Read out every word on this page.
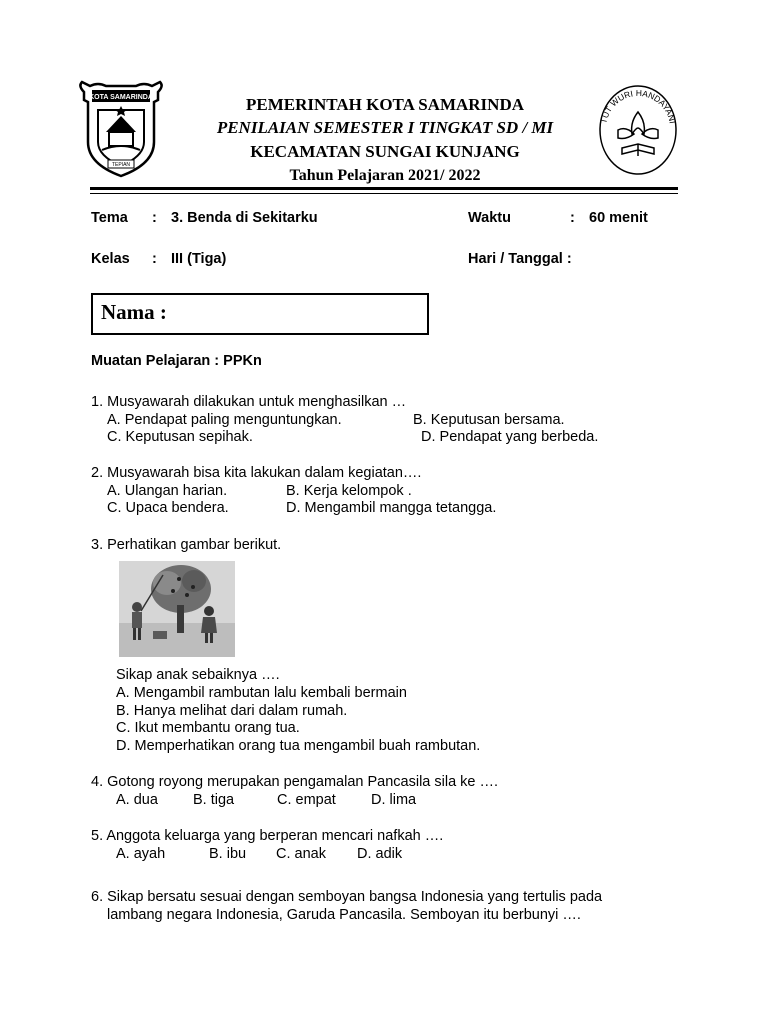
KOTA SAMARINDA
TEPIAN
TUT WURI HANDAYANI
PEMERINTAH KOTA SAMARINDA
PENILAIAN SEMESTER I TINGKAT SD / MI
KECAMATAN SUNGAI KUNJANG
Tahun Pelajaran 2021/ 2022
Tema : 3. Benda di Sekitarku	Waktu	: 60 menit
Kelas : III (Tiga)	Hari / Tanggal :
Nama :
Muatan Pelajaran : PPKn
1. Musyawarah dilakukan untuk menghasilkan …
A. Pendapat paling menguntungkan.	B. Keputusan bersama.
C. Keputusan sepihak.	D. Pendapat yang berbeda.
2. Musyawarah bisa kita lakukan dalam kegiatan….
A. Ulangan harian.	B. Kerja kelompok .
C. Upaca bendera.	D. Mengambil mangga tetangga.
3. Perhatikan gambar berikut.
Sikap anak sebaiknya ….
A. Mengambil rambutan lalu kembali bermain
B. Hanya melihat dari dalam rumah.
C. Ikut membantu orang tua.
D. Memperhatikan orang tua mengambil buah rambutan.
4. Gotong royong merupakan pengamalan Pancasila sila ke ….
A. dua B. tiga	C. empat D. lima
5. Anggota keluarga yang berperan mencari nafkah ….
A. ayah	B. ibu C. anak D. adik
6. Sikap bersatu sesuai dengan semboyan bangsa Indonesia yang tertulis pada
lambang negara Indonesia, Garuda Pancasila. Semboyan itu berbunyi ….
